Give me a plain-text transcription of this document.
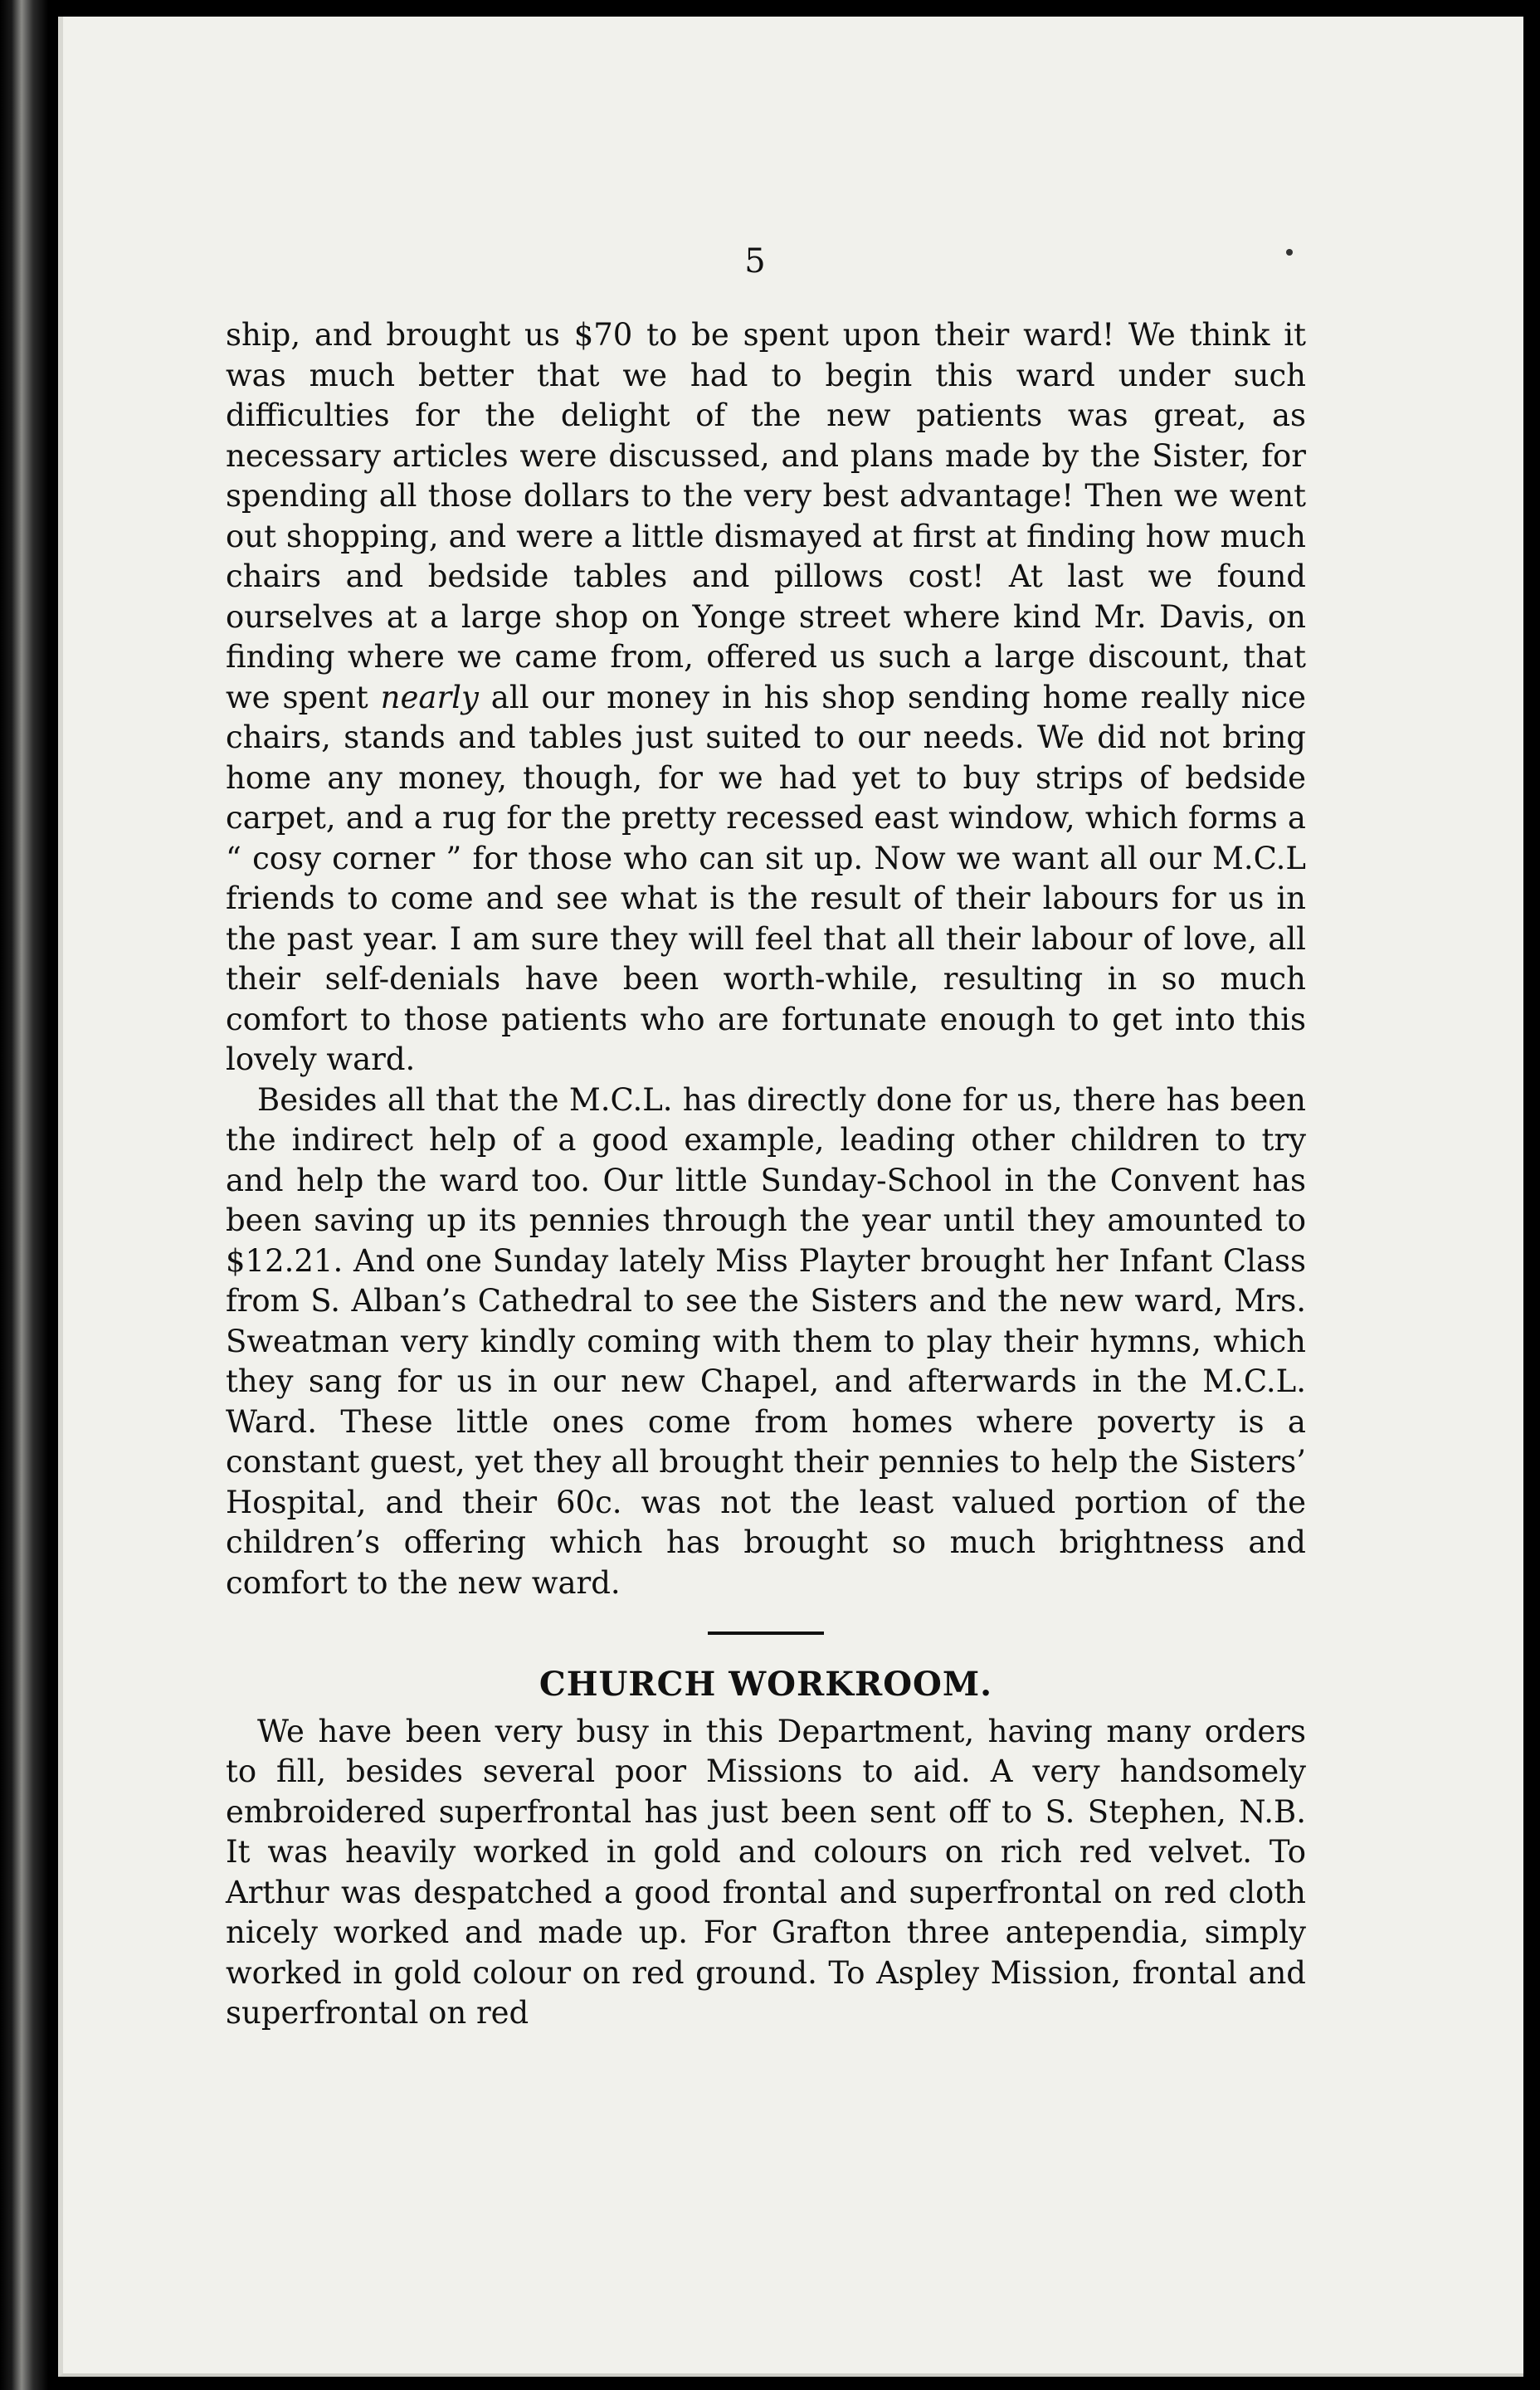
5

ship, and brought us $70 to be spent upon their ward! We think it was much better that we had to begin this ward under such difficulties for the delight of the new patients was great, as necessary articles were discussed, and plans made by the Sister, for spending all those dollars to the very best advantage! Then we went out shopping, and were a little dismayed at first at finding how much chairs and bedside tables and pillows cost! At last we found ourselves at a large shop on Yonge street where kind Mr. Davis, on finding where we came from, offered us such a large discount, that we spent nearly all our money in his shop sending home really nice chairs, stands and tables just suited to our needs. We did not bring home any money, though, for we had yet to buy strips of bedside carpet, and a rug for the pretty recessed east window, which forms a “ cosy corner ” for those who can sit up. Now we want all our M.C.L friends to come and see what is the result of their labours for us in the past year. I am sure they will feel that all their labour of love, all their self-denials have been worth-while, resulting in so much comfort to those patients who are fortunate enough to get into this lovely ward.

Besides all that the M.C.L. has directly done for us, there has been the indirect help of a good example, leading other children to try and help the ward too. Our little Sunday-School in the Convent has been saving up its pennies through the year until they amounted to $12.21. And one Sunday lately Miss Playter brought her Infant Class from S. Alban’s Cathedral to see the Sisters and the new ward, Mrs. Sweatman very kindly coming with them to play their hymns, which they sang for us in our new Chapel, and afterwards in the M.C.L. Ward. These little ones come from homes where poverty is a constant guest, yet they all brought their pennies to help the Sisters’ Hospital, and their 60c. was not the least valued portion of the children’s offering which has brought so much brightness and comfort to the new ward.

CHURCH WORKROOM.

We have been very busy in this Department, having many orders to fill, besides several poor Missions to aid. A very handsomely embroidered superfrontal has just been sent off to S. Stephen, N.B. It was heavily worked in gold and colours on rich red velvet. To Arthur was despatched a good frontal and superfrontal on red cloth nicely worked and made up. For Grafton three antependia, simply worked in gold colour on red ground. To Aspley Mission, frontal and superfrontal on red
